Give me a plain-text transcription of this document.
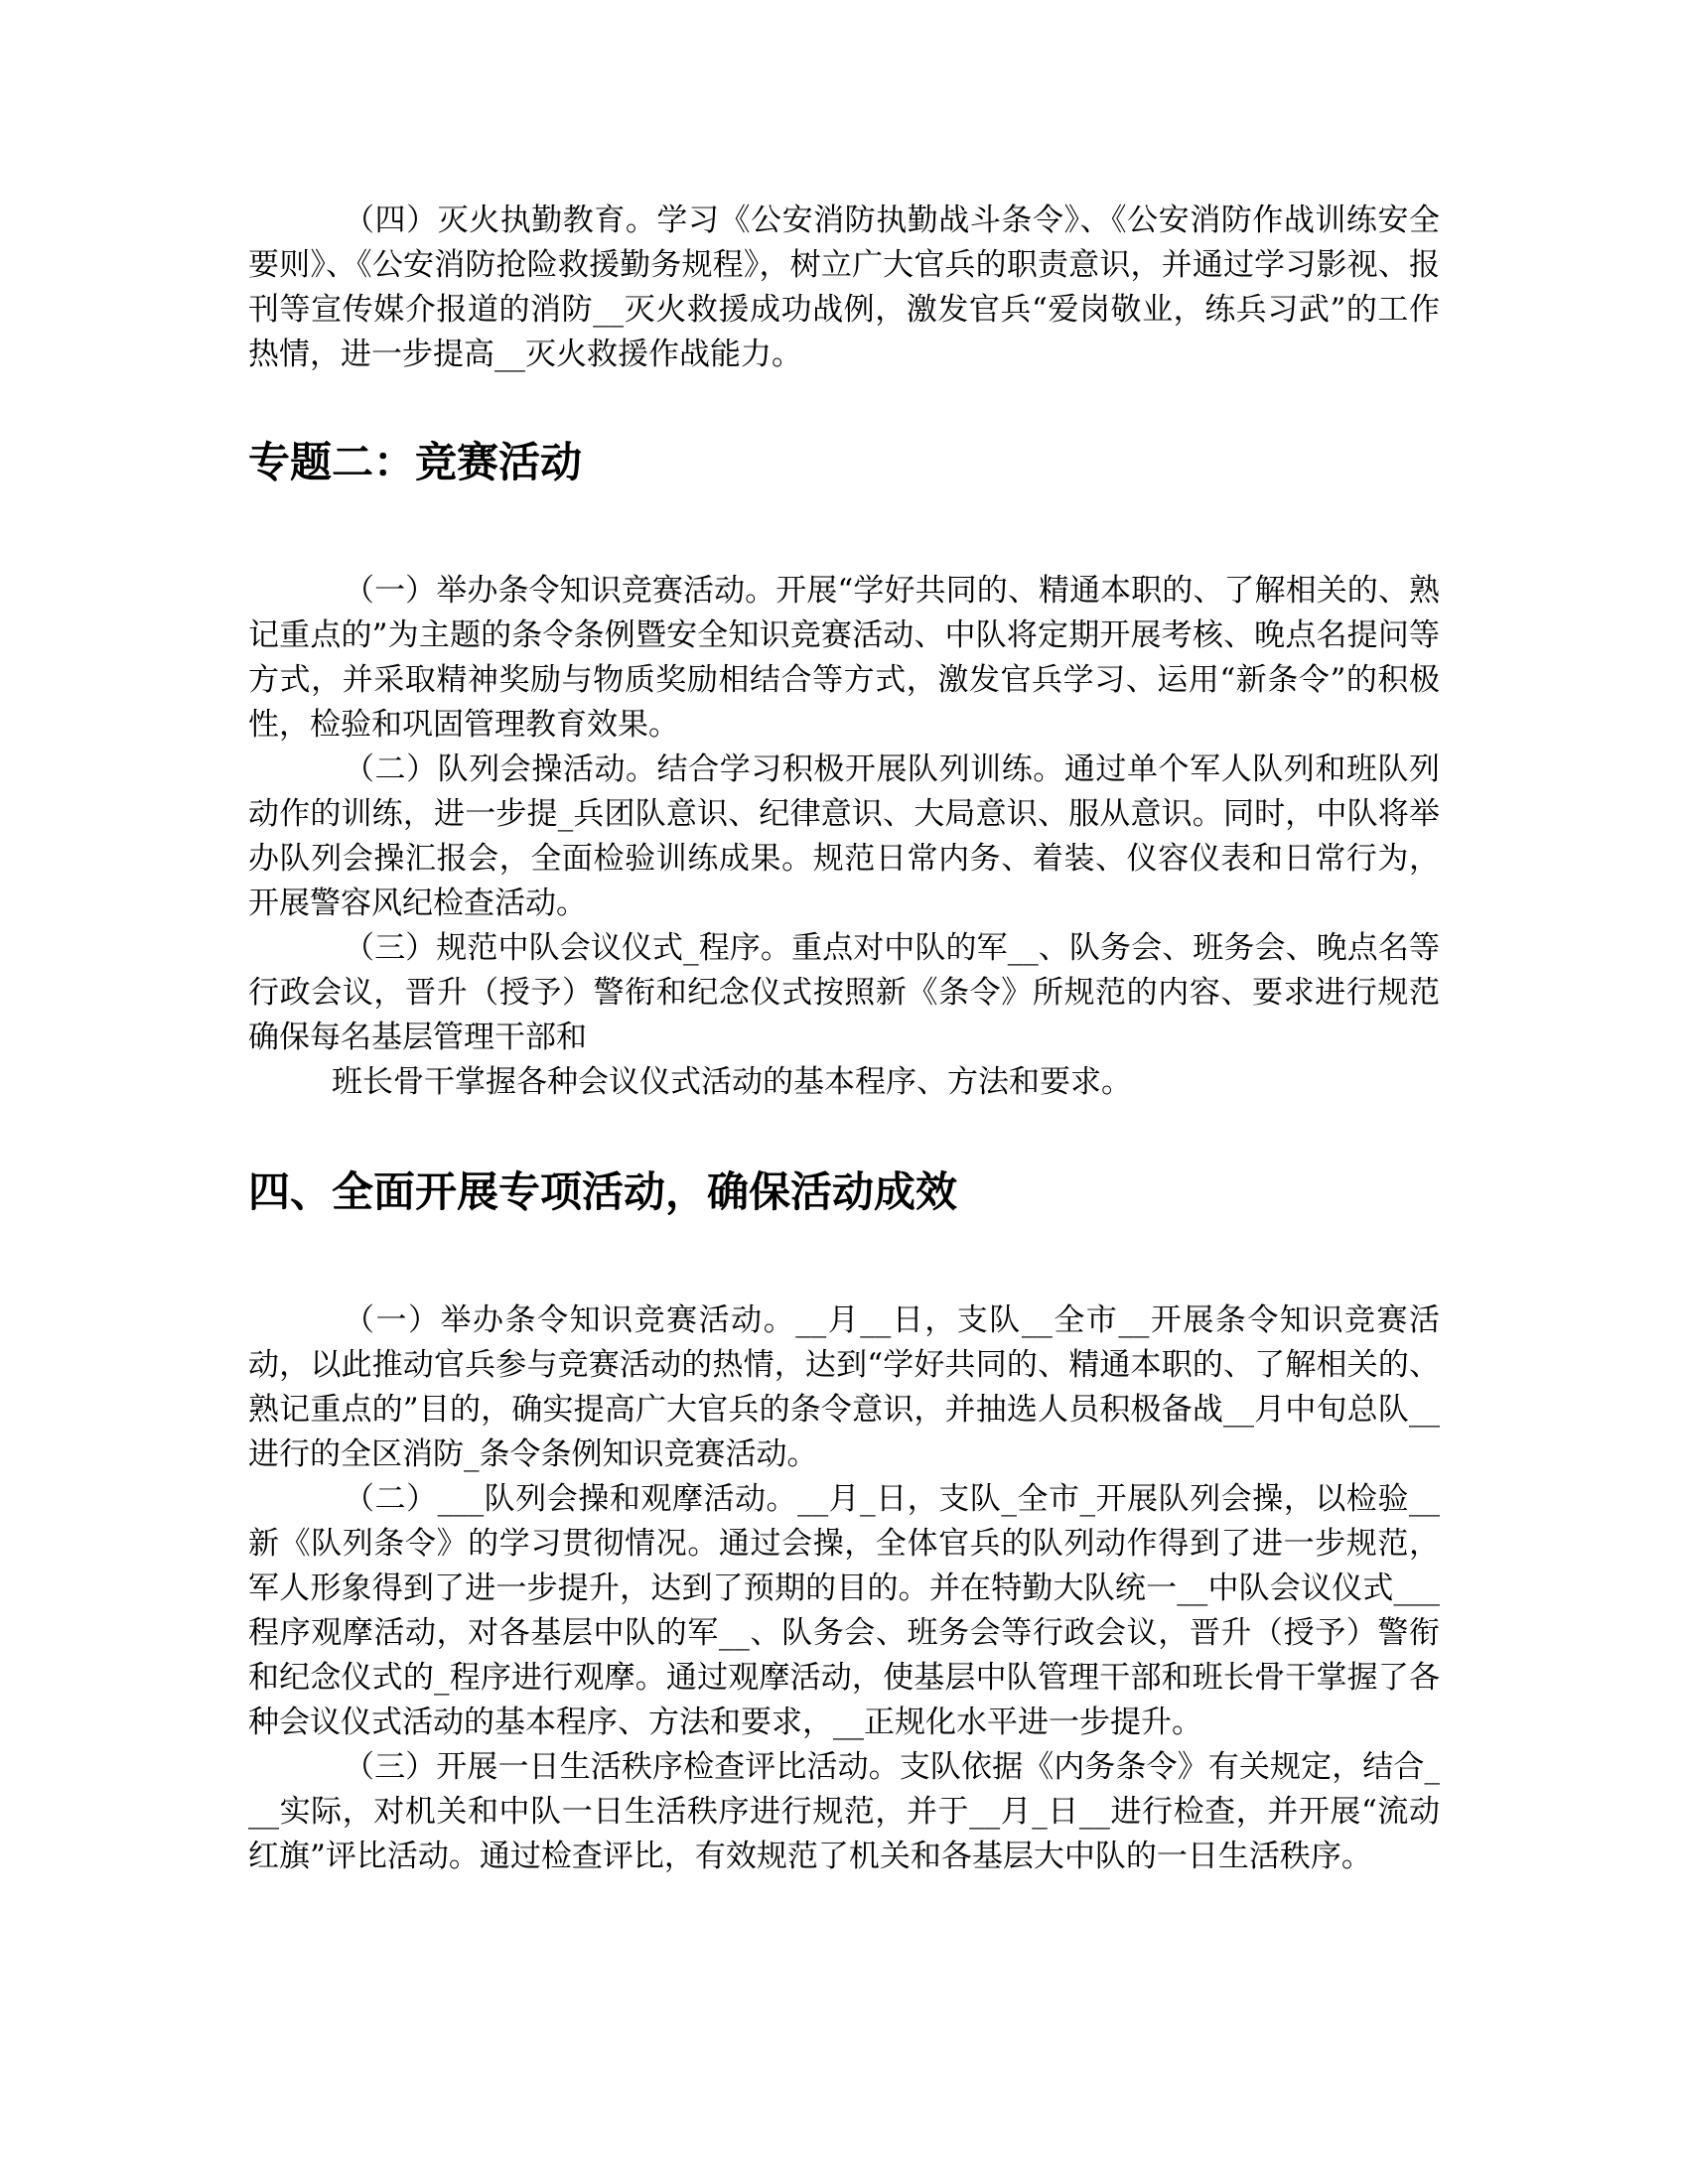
（四）灭火执勤教育。学习《公安消防执勤战斗条令》、《公安消防作战训练安全要则》、《公安消防抢险救援勤务规程》，树立广大官兵的职责意识，并通过学习影视、报刊等宣传媒介报道的消防__灭火救援成功战例，激发官兵“爱岗敬业，练兵习武”的工作热情，进一步提高__灭火救援作战能力。

专题二：竞赛活动

（一）举办条令知识竞赛活动。开展“学好共同的、精通本职的、了解相关的、熟记重点的”为主题的条令条例暨安全知识竞赛活动、中队将定期开展考核、晚点名提问等方式，并采取精神奖励与物质奖励相结合等方式，激发官兵学习、运用“新条令”的积极性，检验和巩固管理教育效果。

（二）队列会操活动。结合学习积极开展队列训练。通过单个军人队列和班队列动作的训练，进一步提_兵团队意识、纪律意识、大局意识、服从意识。同时，中队将举办队列会操汇报会，全面检验训练成果。规范日常内务、着装、仪容仪表和日常行为，开展警容风纪检查活动。

（三）规范中队会议仪式_程序。重点对中队的军__、队务会、班务会、晚点名等行政会议，晋升（授予）警衔和纪念仪式按照新《条令》所规范的内容、要求进行规范确保每名基层管理干部和

班长骨干掌握各种会议仪式活动的基本程序、方法和要求。

四、全面开展专项活动，确保活动成效

（一）举办条令知识竞赛活动。__月__日，支队__全市__开展条令知识竞赛活动，以此推动官兵参与竞赛活动的热情，达到“学好共同的、精通本职的、了解相关的、熟记重点的”目的，确实提高广大官兵的条令意识，并抽选人员积极备战__月中旬总队__进行的全区消防_条令条例知识竞赛活动。

（二）___队列会操和观摩活动。__月_日，支队_全市_开展队列会操，以检验__新《队列条令》的学习贯彻情况。通过会操，全体官兵的队列动作得到了进一步规范，军人形象得到了进一步提升，达到了预期的目的。并在特勤大队统一__中队会议仪式___程序观摩活动，对各基层中队的军__、队务会、班务会等行政会议，晋升（授予）警衔和纪念仪式的_程序进行观摩。通过观摩活动，使基层中队管理干部和班长骨干掌握了各种会议仪式活动的基本程序、方法和要求，__正规化水平进一步提升。

（三）开展一日生活秩序检查评比活动。支队依据《内务条令》有关规定，结合___实际，对机关和中队一日生活秩序进行规范，并于__月_日__进行检查，并开展“流动红旗”评比活动。通过检查评比，有效规范了机关和各基层大中队的一日生活秩序。
